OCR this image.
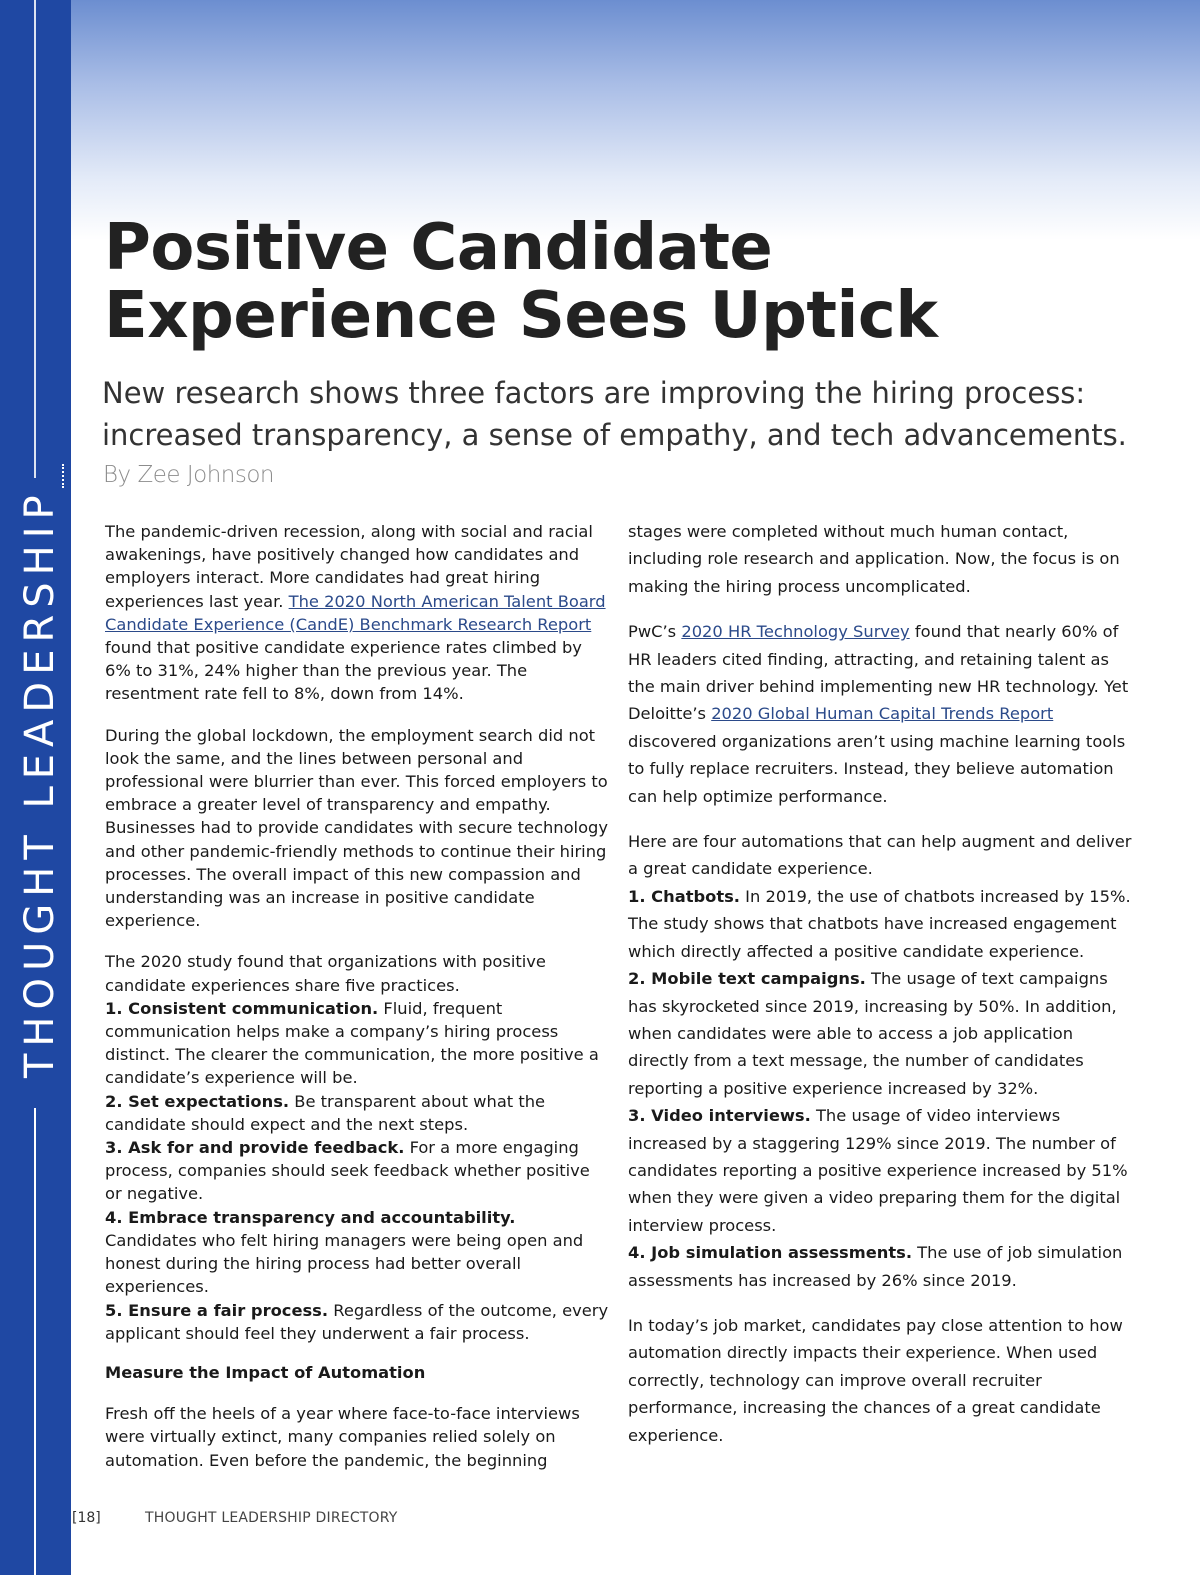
THOUGHT LEADERSHIP
Positive Candidate
Experience Sees Uptick

New research shows three factors are improving the hiring process: increased transparency, a sense of empathy, and tech advancements.

By Zee Johnson

The pandemic-driven recession, along with social and racial awakenings, have positively changed how candidates and employers interact. More candidates had great hiring experiences last year. The 2020 North American Talent Board Candidate Experience (CandE) Benchmark Research Report found that positive candidate experience rates climbed by 6% to 31%, 24% higher than the previous year. The resentment rate fell to 8%, down from 14%.

During the global lockdown, the employment search did not look the same, and the lines between personal and professional were blurrier than ever. This forced employers to embrace a greater level of transparency and empathy. Businesses had to provide candidates with secure technology and other pandemic-friendly methods to continue their hiring processes. The overall impact of this new compassion and understanding was an increase in positive candidate experience.

The 2020 study found that organizations with positive candidate experiences share five practices.

1. Consistent communication. Fluid, frequent communication helps make a company’s hiring process distinct. The clearer the communication, the more positive a candidate’s experience will be.

2. Set expectations. Be transparent about what the candidate should expect and the next steps.

3. Ask for and provide feedback. For a more engaging process, companies should seek feedback whether positive or negative.

4. Embrace transparency and accountability. Candidates who felt hiring managers were being open and honest during the hiring process had better overall experiences.

5. Ensure a fair process. Regardless of the outcome, every applicant should feel they underwent a fair process.

Measure the Impact of Automation

Fresh off the heels of a year where face-to-face interviews were virtually extinct, many companies relied solely on automation. Even before the pandemic, the beginning

stages were completed without much human contact, including role research and application. Now, the focus is on making the hiring process uncomplicated.

PwC’s 2020 HR Technology Survey found that nearly 60% of HR leaders cited finding, attracting, and retaining talent as the main driver behind implementing new HR technology. Yet Deloitte’s 2020 Global Human Capital Trends Report discovered organizations aren’t using machine learning tools to fully replace recruiters. Instead, they believe automation can help optimize performance.

Here are four automations that can help augment and deliver a great candidate experience.

1. Chatbots. In 2019, the use of chatbots increased by 15%. The study shows that chatbots have increased engagement which directly affected a positive candidate experience.

2. Mobile text campaigns. The usage of text campaigns has skyrocketed since 2019, increasing by 50%. In addition, when candidates were able to access a job application directly from a text message, the number of candidates reporting a positive experience increased by 32%.

3. Video interviews. The usage of video interviews increased by a staggering 129% since 2019. The number of candidates reporting a positive experience increased by 51% when they were given a video preparing them for the digital interview process.

4. Job simulation assessments. The use of job simulation assessments has increased by 26% since 2019.

In today’s job market, candidates pay close attention to how automation directly impacts their experience. When used correctly, technology can improve overall recruiter performance, increasing the chances of a great candidate experience.

[18]	THOUGHT LEADERSHIP DIRECTORY
